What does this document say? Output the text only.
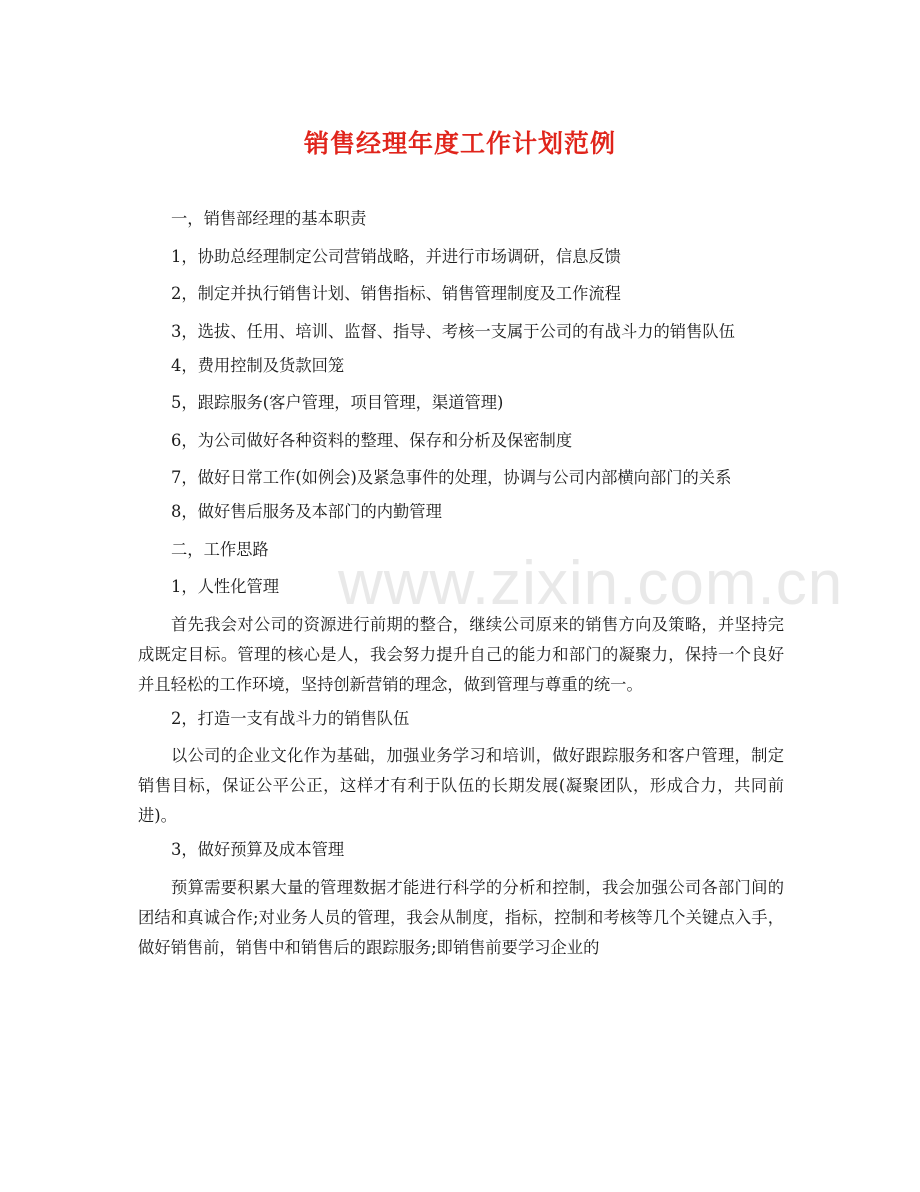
www.zixin.com.cn
销售经理年度工作计划范例

一，销售部经理的基本职责

1，协助总经理制定公司营销战略，并进行市场调研，信息反馈

2，制定并执行销售计划、销售指标、销售管理制度及工作流程

3，选拔、任用、培训、监督、指导、考核一支属于公司的有战斗力的销售队伍

4，费用控制及货款回笼

5，跟踪服务(客户管理，项目管理，渠道管理)

6，为公司做好各种资料的整理、保存和分析及保密制度

7，做好日常工作(如例会)及紧急事件的处理，协调与公司内部横向部门的关系

8，做好售后服务及本部门的内勤管理

二，工作思路

1，人性化管理

首先我会对公司的资源进行前期的整合，继续公司原来的销售方向及策略，并坚持完成既定目标。管理的核心是人，我会努力提升自己的能力和部门的凝聚力，保持一个良好并且轻松的工作环境，坚持创新营销的理念，做到管理与尊重的统一。

2，打造一支有战斗力的销售队伍

以公司的企业文化作为基础，加强业务学习和培训，做好跟踪服务和客户管理，制定销售目标，保证公平公正，这样才有利于队伍的长期发展(凝聚团队，形成合力，共同前进)。

3，做好预算及成本管理

预算需要积累大量的管理数据才能进行科学的分析和控制，我会加强公司各部门间的团结和真诚合作;对业务人员的管理，我会从制度，指标，控制和考核等几个关键点入手，做好销售前，销售中和销售后的跟踪服务;即销售前要学习企业的
